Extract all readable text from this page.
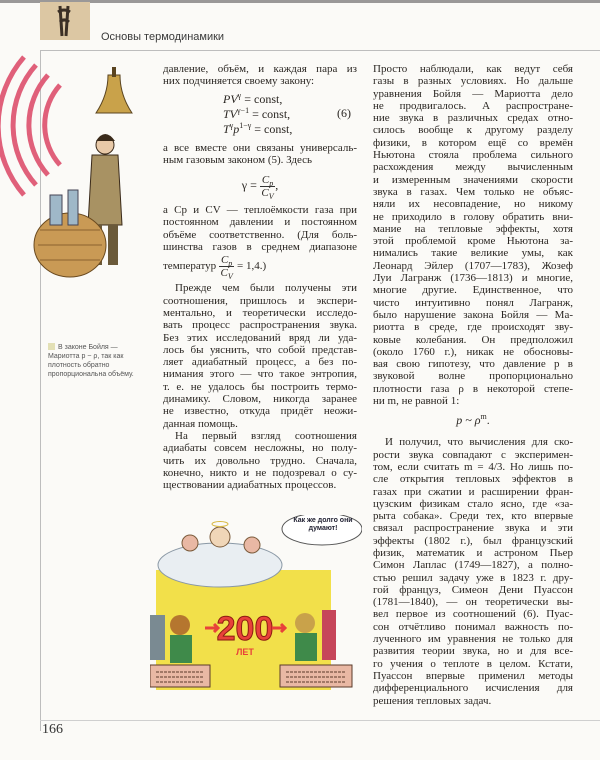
Основы термодинамики
В законе Бойля — Мариотта p ~ ρ, так как плотность обратно пропорциональна объёму.
давление, объём, и каждая пара из
них подчиняется своему закону:
$PV^\gamma$ = const,
$TV^{\gamma-1}$ = const,
$T^\gamma p^{1-\gamma}$ = const,
(6)
а все вместе они связаны универсаль-
ным газовым законом (5). Здесь
$\gamma = \frac{C_p}{C_V}$ ,
а Cp и CV — теплоёмкости газа при
постоянном давлении и постоянном
объёме соответственно. (Для боль-
шинства газов в среднем диапазоне
температур $\frac{C_p}{C_V} = 1,4$.)
Прежде чем были получены эти
соотношения, пришлось и экспери-
ментально, и теоретически исследо-
вать процесс распространения звука.
Без этих исследований вряд ли уда-
лось бы уяснить, что собой представ-
ляет адиабатный процесс, а без по-
нимания этого — что такое энтропия,
т. е. не удалось бы построить термо-
динамику. Словом, никогда заранее
не известно, откуда придёт неожи-
данная помощь.
На первый взгляд соотношения
адиабаты совсем несложны, но полу-
чить их довольно трудно. Сначала,
конечно, никто и не подозревал о су-
ществовании адиабатных процессов.
Как же долго они думают!
200
ЛЕТ
Просто наблюдали, как ведут себя
газы в разных условиях. Но дальше
уравнения Бойля — Мариотта дело
не продвигалось. А распростране-
ние звука в различных средах отно-
силось вообще к другому разделу
физики, в котором ещё со времён
Ньютона стояла проблема сильного
расхождения между вычисленным
и измеренным значениями скорости
звука в газах. Чем только не объяс-
няли их несовпадение, но никому
не приходило в голову обратить вни-
мание на тепловые эффекты, хотя
этой проблемой кроме Ньютона за-
нимались такие великие умы, как
Леонард Эйлер (1707—1783), Жозеф
Луи Лагранж (1736—1813) и многие,
многие другие. Единственное, что
чисто интуитивно понял Лагранж,
было нарушение закона Бойля — Ма-
риотта в среде, где происходят зву-
ковые колебания. Он предположил
(около 1760 г.), никак не обосновы-
вая свою гипотезу, что давление p в
звуковой волне пропорционально
плотности газа ρ в некоторой степе-
ни m, не равной 1:
p ~ $\rho^m$.
И получил, что вычисления для ско-
рости звука совпадают с эксперимен-
том, если считать m = 4/3. Но лишь по-
сле открытия тепловых эффектов в
газах при сжатии и расширении фран-
цузским физикам стало ясно, где «за-
рыта собака». Среди тех, кто впервые
связал распространение звука и эти
эффекты (1802 г.), был французский
физик, математик и астроном Пьер
Симон Лаплас (1749—1827), а полно-
стью решил задачу уже в 1823 г. дру-
гой француз, Симеон Дени Пуассон
(1781—1840), — он теоретически вы-
вел первое из соотношений (6). Пуас-
сон отчётливо понимал важность по-
лученного им уравнения не только для
развития теории звука, но и для все-
го учения о теплоте в целом. Кстати,
Пуассон впервые применил методы
дифференциального исчисления для
решения тепловых задач.
166
